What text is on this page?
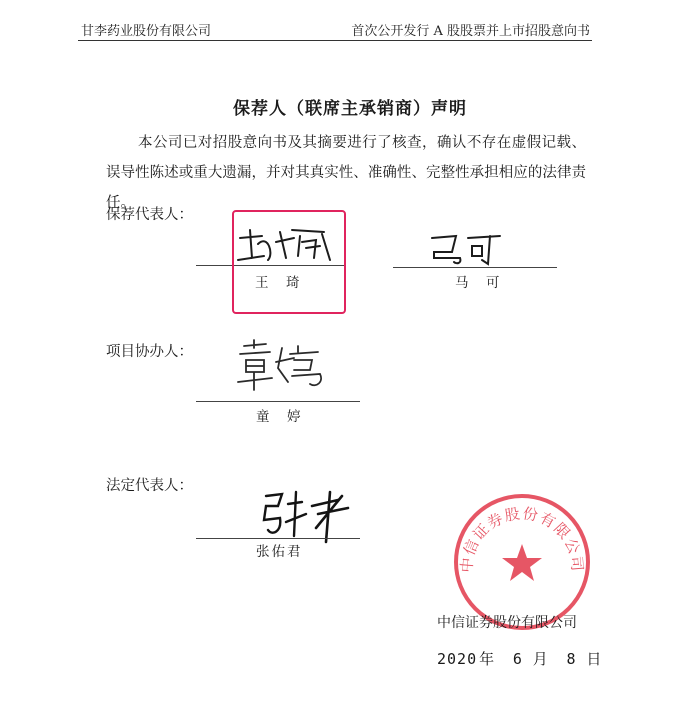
甘李药业股份有限公司	首次公开发行 A 股股票并上市招股意向书
保荐人（联席主承销商）声明
本公司已对招股意向书及其摘要进行了核查，确认不存在虚假记载、误导性陈述或重大遗漏，并对其真实性、准确性、完整性承担相应的法律责任。
保荐代表人：
王　琦	马　可
项目协办人：
童　婷
法定代表人：
张佑君
中信证券股份有限公司
中信证券股份有限公司
2020 年 6 月 8 日
